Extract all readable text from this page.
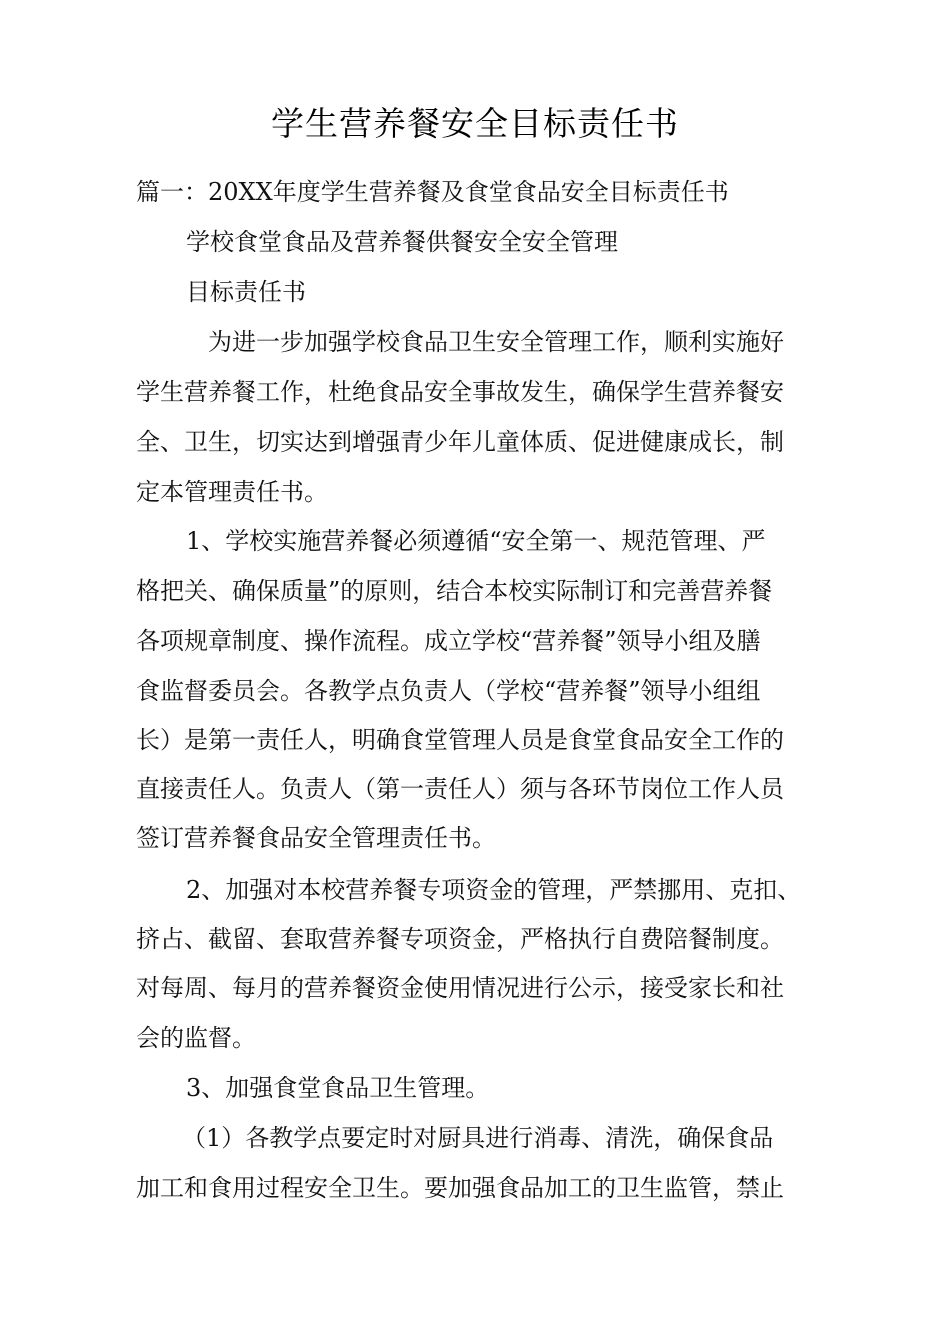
学生营养餐安全目标责任书
篇一：20XX年度学生营养餐及食堂食品安全目标责任书
学校食堂食品及营养餐供餐安全安全管理
目标责任书
为进一步加强学校食品卫生安全管理工作，顺利实施好
学生营养餐工作，杜绝食品安全事故发生，确保学生营养餐安
全、卫生，切实达到增强青少年儿童体质、促进健康成长，制
定本管理责任书。
1、学校实施营养餐必须遵循“安全第一、规范管理、严
格把关、确保质量”的原则，结合本校实际制订和完善营养餐
各项规章制度、操作流程。成立学校“营养餐”领导小组及膳
食监督委员会。各教学点负责人（学校“营养餐”领导小组组
长）是第一责任人，明确食堂管理人员是食堂食品安全工作的
直接责任人。负责人（第一责任人）须与各环节岗位工作人员
签订营养餐食品安全管理责任书。
2、加强对本校营养餐专项资金的管理，严禁挪用、克扣、
挤占、截留、套取营养餐专项资金，严格执行自费陪餐制度。
对每周、每月的营养餐资金使用情况进行公示，接受家长和社
会的监督。
3、加强食堂食品卫生管理。
（1）各教学点要定时对厨具进行消毒、清洗，确保食品
加工和食用过程安全卫生。要加强食品加工的卫生监管，禁止
